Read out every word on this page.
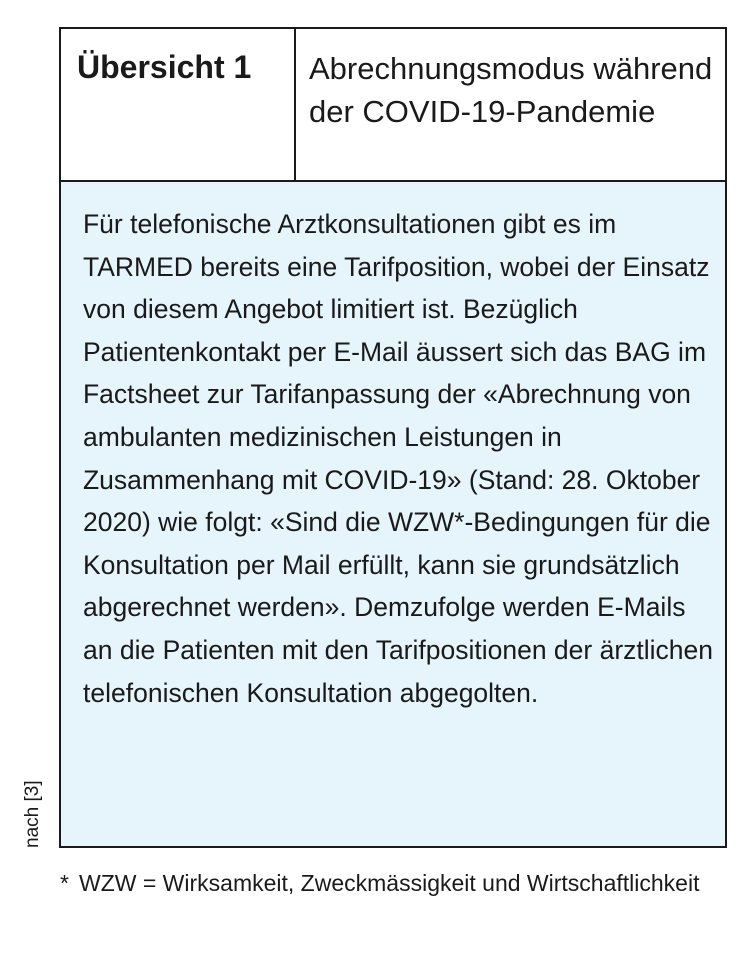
Übersicht 1	Abrechnungsmodus während der COVID-19-Pandemie

Für telefonische Arztkonsultationen gibt es im TARMED bereits eine Tarifposition, wobei der Einsatz von diesem Angebot limitiert ist. Bezüglich Patientenkontakt per E-Mail äussert sich das BAG im Factsheet zur Tarifanpassung der «Abrechnung von ambulanten medizinischen Leistungen in Zusammenhang mit COVID-19» (Stand: 28. Oktober 2020) wie folgt: «Sind die WZW*-Bedingungen für die Konsultation per Mail erfüllt, kann sie grundsätzlich abgerechnet werden». Demzufolge werden E-Mails an die Patienten mit den Tarifpositionen der ärztlichen telefonischen Konsultation abgegolten.

nach [3]
* WZW = Wirksamkeit, Zweckmässigkeit und Wirtschaftlichkeit
